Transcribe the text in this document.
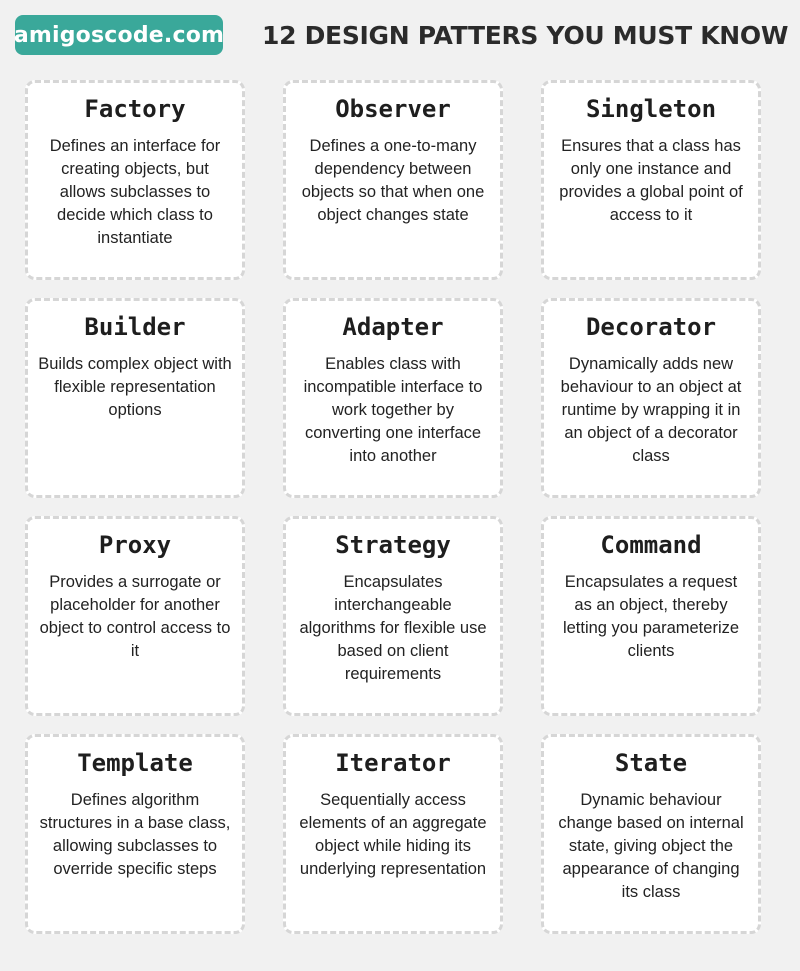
amigoscode.com 12 DESIGN PATTERS YOU MUST KNOW
Factory
Defines an interface for creating objects, but allows subclasses to decide which class to instantiate
Observer
Defines a one-to-many dependency between objects so that when one object changes state
Singleton
Ensures that a class has only one instance and provides a global point of access to it
Builder
Builds complex object with flexible representation options
Adapter
Enables class with incompatible interface to work together by converting one interface into another
Decorator
Dynamically adds new behaviour to an object at runtime by wrapping it in an object of a decorator class
Proxy
Provides a surrogate or placeholder for another object to control access to it
Strategy
Encapsulates interchangeable algorithms for flexible use based on client requirements
Command
Encapsulates a request as an object, thereby letting you parameterize clients
Template
Defines algorithm structures in a base class, allowing subclasses to override specific steps
Iterator
Sequentially access elements of an aggregate object while hiding its underlying representation
State
Dynamic behaviour change based on internal state, giving object the appearance of changing its class
